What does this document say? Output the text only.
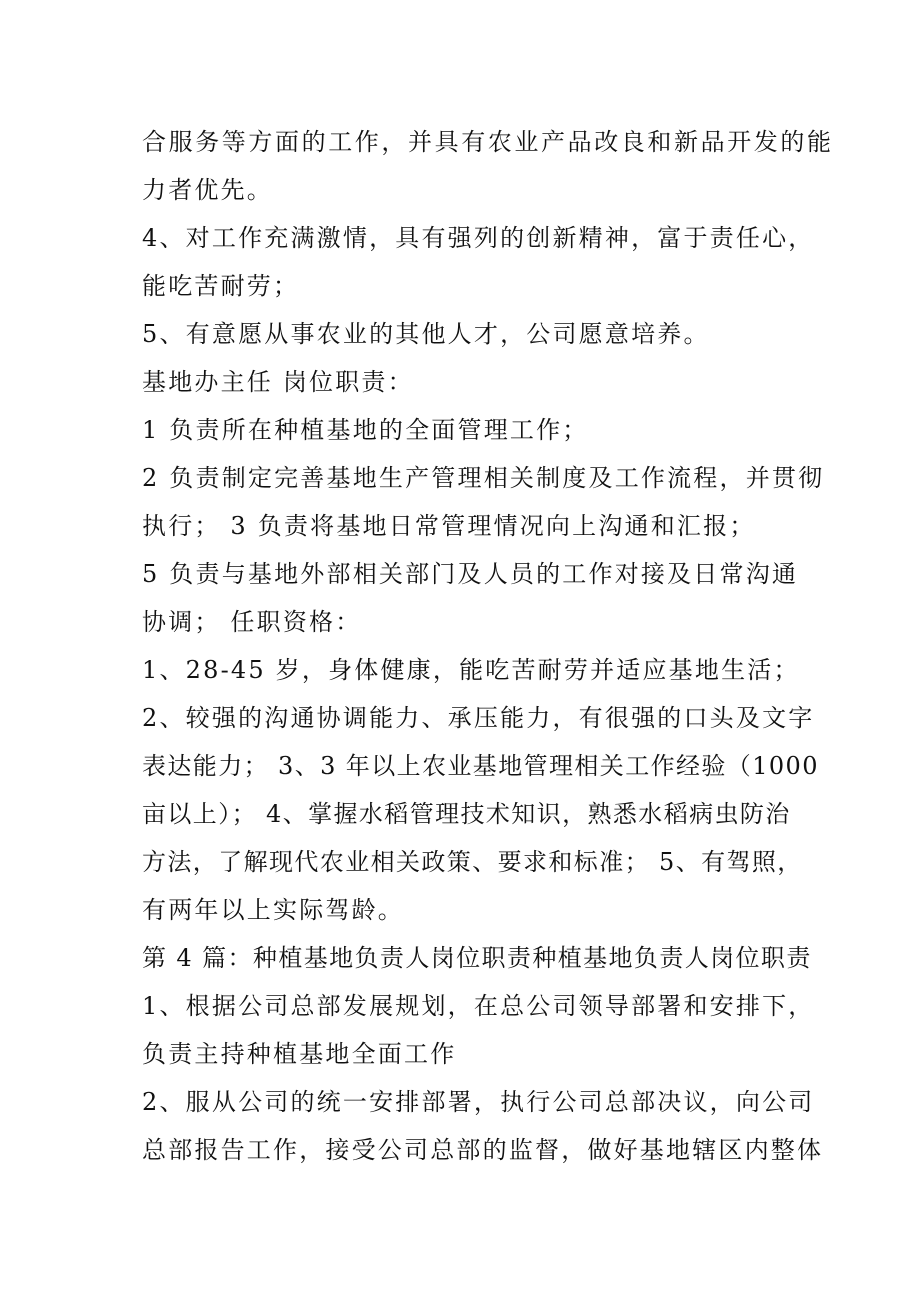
合服务等方面的工作，并具有农业产品改良和新品开发的能
力者优先。
4、对工作充满激情，具有强列的创新精神，富于责任心，
能吃苦耐劳；
5、有意愿从事农业的其他人才，公司愿意培养。
基地办主任 岗位职责：
1 负责所在种植基地的全面管理工作；
2 负责制定完善基地生产管理相关制度及工作流程，并贯彻
执行； 3 负责将基地日常管理情况向上沟通和汇报；
5 负责与基地外部相关部门及人员的工作对接及日常沟通
协调； 任职资格：
1、28-45 岁，身体健康，能吃苦耐劳并适应基地生活；
2、较强的沟通协调能力、承压能力，有很强的口头及文字
表达能力； 3、3 年以上农业基地管理相关工作经验（1000
亩以上）； 4、掌握水稻管理技术知识，熟悉水稻病虫防治
方法，了解现代农业相关政策、要求和标准； 5、有驾照，
有两年以上实际驾龄。
第 4 篇：种植基地负责人岗位职责种植基地负责人岗位职责
1、根据公司总部发展规划，在总公司领导部署和安排下，
负责主持种植基地全面工作
2、服从公司的统一安排部署，执行公司总部决议，向公司
总部报告工作，接受公司总部的监督，做好基地辖区内整体
